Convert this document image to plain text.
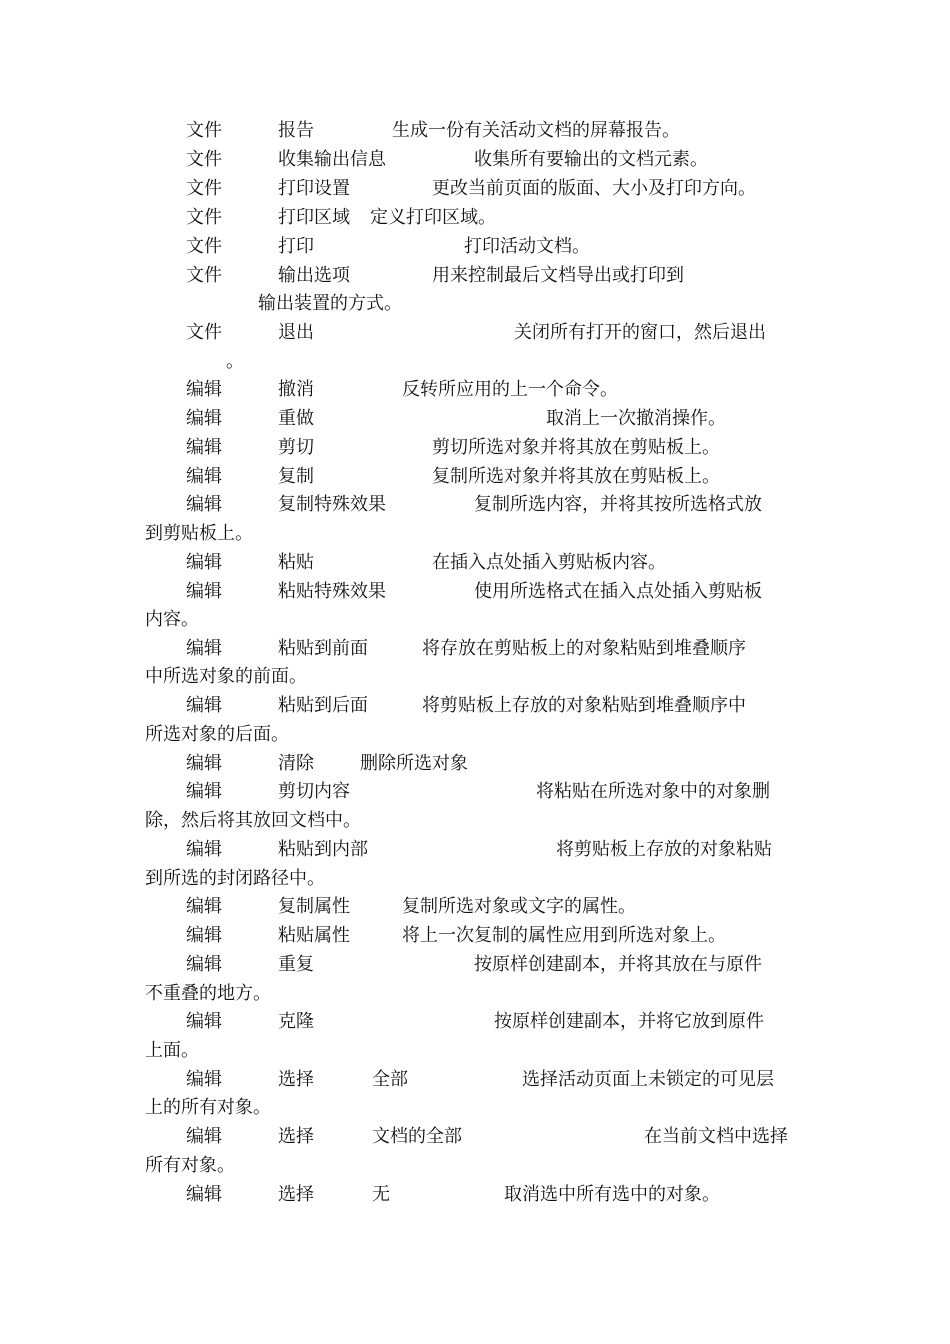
文件	报告	生成一份有关活动文档的屏幕报告。
文件	收集输出信息	收集所有要输出的文档元素。
文件	打印设置	更改当前页面的版面、大小及打印方向。
文件	打印区域 定义打印区域。
文件	打印	打印活动文档。
文件	输出选项	用来控制最后文档导出或打印到
输出装置的方式。
文件	退出	关闭所有打开的窗口，然后退出
。
编辑	撤消	反转所应用的上一个命令。
编辑	重做	取消上一次撤消操作。
编辑	剪切	剪切所选对象并将其放在剪贴板上。
编辑	复制	复制所选对象并将其放在剪贴板上。
编辑	复制特殊效果	复制所选内容，并将其按所选格式放
到剪贴板上。
编辑	粘贴	在插入点处插入剪贴板内容。
编辑	粘贴特殊效果	使用所选格式在插入点处插入剪贴板
内容。
编辑	粘贴到前面	将存放在剪贴板上的对象粘贴到堆叠顺序
中所选对象的前面。
编辑	粘贴到后面	将剪贴板上存放的对象粘贴到堆叠顺序中
所选对象的后面。
编辑	清除	删除所选对象
编辑	剪切内容	将粘贴在所选对象中的对象删
除，然后将其放回文档中。
编辑	粘贴到内部	将剪贴板上存放的对象粘贴
到所选的封闭路径中。
编辑	复制属性	复制所选对象或文字的属性。
编辑	粘贴属性	将上一次复制的属性应用到所选对象上。
编辑	重复	按原样创建副本，并将其放在与原件
不重叠的地方。
编辑	克隆	按原样创建副本，并将它放到原件
上面。
编辑	选择	全部	选择活动页面上未锁定的可见层
上的所有对象。
编辑	选择	文档的全部	在当前文档中选择
所有对象。
编辑	选择	无	取消选中所有选中的对象。
